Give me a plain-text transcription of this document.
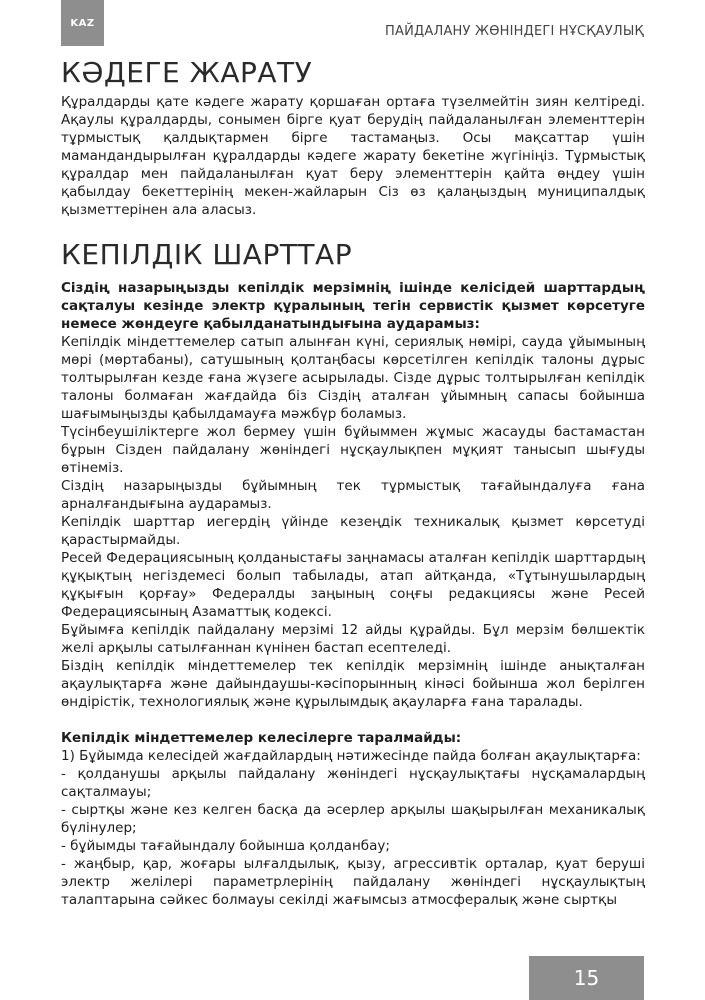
KAZ
ПАЙДАЛАНУ ЖӨНІНДЕГІ НҰСҚАУЛЫҚ
КӘДЕГЕ ЖАРАТУ

Құралдарды қате кәдеге жарату қоршаған ортаға түзелмейтін зиян келтіреді. Ақаулы құралдарды, сонымен бірге қуат берудің пайдаланылған элементтерін тұрмыстық қалдықтармен бірге тастамаңыз. Осы мақсаттар үшін мамандандырылған құралдарды кәдеге жарату бекетіне жүгініңіз. Тұрмыстық құралдар мен пайдаланылған қуат беру элементтерін қайта өңдеу үшін қабылдау бекеттерінің мекен-жайларын Сіз өз қалаңыздың муниципалдық қызметтерінен ала аласыз.

КЕПІЛДІК ШАРТТАР

Сіздің назарыңызды кепілдік мерзімнің ішінде келісідей шарттардың сақталуы кезінде электр құралының тегін сервистік қызмет көрсетуге немесе жөндеуге қабылданатындығына аударамыз:

Кепілдік міндеттемелер сатып алынған күні, сериялық нөмірі, сауда ұйымының мөрі (мөртабаны), сатушының қолтаңбасы көрсетілген кепілдік талоны дұрыс толтырылған кезде ғана жүзеге асырылады. Сізде дұрыс толтырылған кепілдік талоны болмаған жағдайда біз Сіздің аталған ұйымның сапасы бойынша шағымыңызды қабылдамауға мәжбүр боламыз.

Түсінбеушіліктерге жол бермеу үшін бұйыммен жұмыс жасауды бастамастан бұрын Сізден пайдалану жөніндегі нұсқаулықпен мұқият танысып шығуды өтінеміз.

Сіздің назарыңызды бұйымның тек тұрмыстық тағайындалуға ғана арналғандығына аударамыз.

Кепілдік шарттар иегердің үйінде кезеңдік техникалық қызмет көрсетуді қарастырмайды.

Ресей Федерациясының қолданыстағы заңнамасы аталған кепілдік шарттардың құқықтың негіздемесі болып табылады, атап айтқанда, «Тұтынушылардың құқығын қорғау» Федералды заңының соңғы редакциясы және Ресей Федерациясының Азаматтық кодексі.

Бұйымға кепілдік пайдалану мерзімі 12 айды құрайды. Бұл мерзім бөлшектік желі арқылы сатылғаннан күнінен бастап есептеледі.

Біздің кепілдік міндеттемелер тек кепілдік мерзімнің ішінде анықталған ақаулықтарға және дайындаушы-кәсіпорынның кінәсі бойынша жол берілген өндірістік, технологиялық және құрылымдық ақауларға ғана таралады.

Кепілдік міндеттемелер келесілерге таралмайды:

1) Бұйымда келесідей жағдайлардың нәтижесінде пайда болған ақаулықтарға:

- қолданушы арқылы пайдалану жөніндегі нұсқаулықтағы нұсқамалардың сақталмауы;

- сыртқы және кез келген басқа да әсерлер арқылы шақырылған механикалық бүлінулер;

- бұйымды тағайындалу бойынша қолданбау;

- жаңбыр, қар, жоғары ылғалдылық, қызу, агрессивтік орталар, қуат беруші электр желілері параметрлерінің пайдалану жөніндегі нұсқаулықтың талаптарына сәйкес болмауы секілді жағымсыз атмосфералық және сыртқы

15
